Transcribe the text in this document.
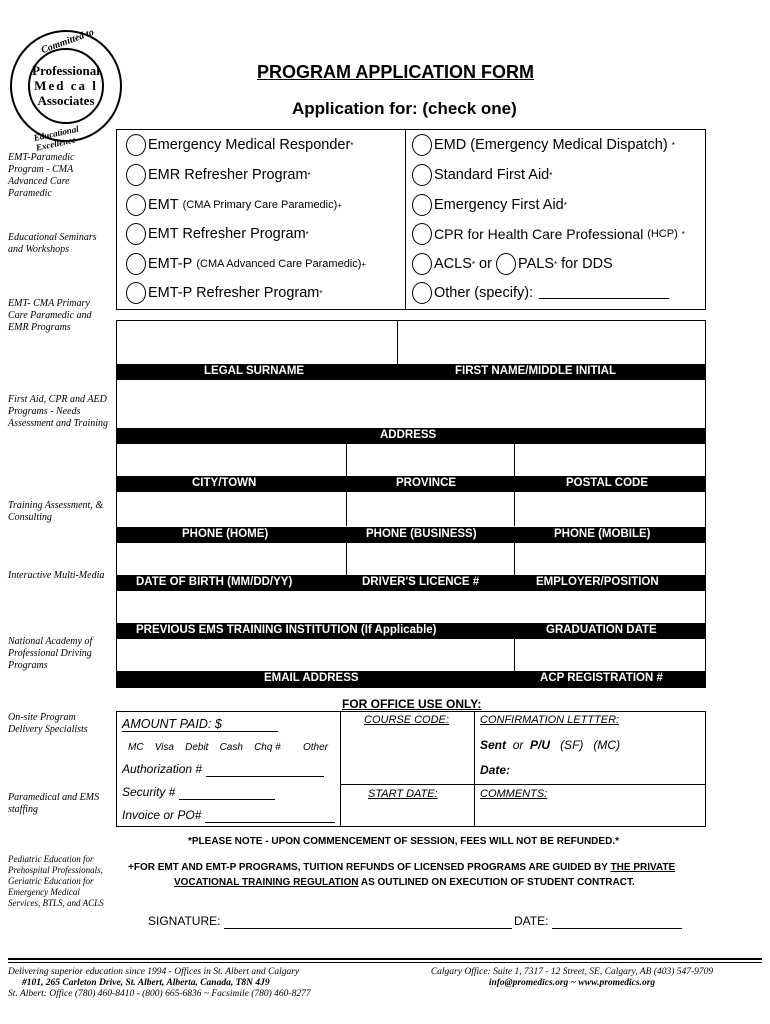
Committed to
Professional
Med ca l
Associates
Educational Excellence
PROGRAM APPLICATION FORM
Application for: (check one)
EMT-Paramedic Program - CMA Advanced Care Paramedic
Educational Seminars and Workshops
EMT- CMA Primary Care Paramedic and EMR Programs
First Aid, CPR and AED Programs - Needs Assessment and Training
Training Assessment, & Consulting
Interactive Multi-Media
National Academy of Professional Driving Programs
On-site Program Delivery Specialists
Paramedical and EMS staffing
Pediatric Education for Prehospital Professionals, Geriatric Education for Emergency Medical Services, BTLS, and ACLS
Emergency Medical Responder *
EMR Refresher Program *
EMT
(CMA Primary Care Paramedic) +
EMT Refresher Program *
EMT-P
(CMA Advanced Care Paramedic) +
EMT-P Refresher Program *
EMD (Emergency Medical Dispatch)
*
Standard First Aid *
Emergency First Aid *
CPR for Health Care Professional
(HCP)
*
ACLS *
or
PALS *
for DDS
Other (specify):
LEGAL SURNAME	FIRST NAME/MIDDLE INITIAL
ADDRESS
CITY/TOWN	PROVINCE	POSTAL CODE
PHONE (HOME)	PHONE (BUSINESS)	PHONE (MOBILE)
DATE OF BIRTH (MM/DD/YY)	DRIVER'S LICENCE #	EMPLOYER/POSITION
PREVIOUS EMS TRAINING INSTITUTION (If Applicable)	GRADUATION DATE
EMAIL ADDRESS	ACP REGISTRATION #
FOR OFFICE USE ONLY:
AMOUNT PAID: $
MC Visa Debit Cash Chq # Other
Authorization #
Security #
Invoice or PO#
COURSE CODE:
START DATE:
CONFIRMATION LETTTER:
Sent or P/U (SF) (MC)
Date:
COMMENTS:
*PLEASE NOTE - UPON COMMENCEMENT OF SESSION, FEES WILL NOT BE REFUNDED.*
+FOR EMT AND EMT-P PROGRAMS, TUITION REFUNDS OF LICENSED PROGRAMS ARE GUIDED BY THE PRIVATE
VOCATIONAL TRAINING REGULATION AS OUTLINED ON EXECUTION OF STUDENT CONTRACT.
SIGNATURE:	DATE:
Delivering superior education since 1994 - Offices in St. Albert and Calgary
#101, 265 Carleton Drive, St. Albert, Alberta, Canada, T8N 4J9
St. Albert: Office (780) 460-8410 - (800) 665-6836 ~ Facsimile (780) 460-8277
Calgary Office: Suite 1, 7317 - 12 Street, SE, Calgary, AB (403) 547-9709
info@promedics.org ~ www.promedics.org
